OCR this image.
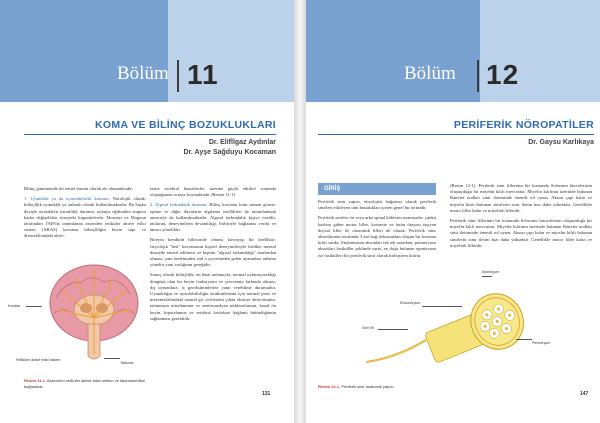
Bölüm 11
KOMA VE BİLİNÇ BOZUKLUKLARI
Dr. Elifİlgaz Aydınlar
Dr. Ayşe Sağduyu Kocaman

Bilinç günümüzde iki temel durum olarak ele alınmaktadır;

1. Uyanıklık ya da uyarılabilirlik durumu: Nörolojik olarak, bilinçlilik uyanıklık ya anlamlı olarak kullanılmaktadır. Bu başka deyişle uyanıkken yaratılılık durumu, uykuya eğilimden stupora kadar değişebilen süreçteki kapasitelerdir. Moruzzi ve Magoun tarafından 1949'da tanımlanan assenden retiküler aktive edici sistem (ARAS) kavramı bilinçliliğin beyin sapı ve diensefalondaki aktiv-

Korteks
Retiküler aktive edici sistem
Talamus
Resim 11-1. Assenden retiküler aktive edici sistem ve talamokortikal bağlantılar.

tasite serebral hemisferler üzerine güçlü etkileri sonunda oluştuğunun ortaya koymaktadır (Resim 11-1).

2. Algısal farkındalık durumu: Bilinç kavramı kimi zaman görme, işitme ve diğer duyuların algılama özellikleri ile tanımlanmak amacıyla da kullanılmaktadır. Algısal farkındalık kişiye özeldir, anılarını, deneyimlerin devamlılığı, birbiriyle bağlantısı verdir ve amacı yöneliktir.

Bireyin kendinin bilincinde olması kavrayışı bir özelliktir; fizyolojik "ben" kavramının kişisel deneyimleriyle birlikte mental düzeyde temsil edilmesi ve kişinin "algısal farkındalığı" tarafından olması, yani bedeninden yad a çevresinden gelen uyaranları anlama yöneltir yani varlığının gereğidir.

Sonuç olarak bilinçlilik, en basit anlamıyla, normal uykusuyarıklığı döngüsü olan bir beyin fonksiyonu ve çevresinin farkında olması, dış uyaranlara, iç gereksinimlerine yanıt verebilme durumudur. Uyanıklığın ve uyarılabilirliğin strüktürlerinin için normal pons ve mezensefalondaki santral gri cevherden çıkan ekstrier aktivitesinin, talamusun intralaminar ve sentromedyan nükleuslarının, bazal ön beyin, hipotalamus ve serebral kortekste bağlantı bütünlüğünün sağlanması gereklidir.

131
Bölüm 12
PERİFERİK NÖROPATİLER
Dr. Gaysu Karlıkaya
GİRİŞ

Periferik sinir yapısı, etiyolojisi bağımsız olarak periferik sinirleri etkileyen tüm hastalıkları içeren genel bir terimdir.

Periferik sinirler ön veya arka spinal köklerin uzantısıdır; çünkü kaslara giden motor lifler, korneste ve önün duyusu taşıyan duysal lifler ile otonomik lifleri de olarak. Periferik sinir aksonlarının etrafında 3 kat bağ dokusundan oluşan bir koruma kılıfı vardır. Endonörium aksonları tek tek sararken, perinöryum aksonları fasiküller şeklinde sarar, en dışta bulunan epinöryum ise fasikülleri bir periferik sinir olarak birleştiren kılıftır.

(Resim 12-1). Periferik sinir liflerinin bir kısmında Schwann hücrelerinin oluşturduğu bir miyelin kılıfı mevcuttur. Miyelin kılıfının üzerinde bulunan Ranvier nodları sinir iletiminde önemli rol oynar. Akson çapı kalın ve miyelin kılıfı bulunan sinirlerin sinir iletim hızı daha yüksektir. Genellikle motor lifler kalın ve miyelinli liflerdir.

Periferik sinir liflerinin bir kısmında Schwann hücrelerinin oluşturduğu bir miyelin kılıfı mevcuttur. Miyelin kılıfının üzerinde bulunan Ranvier nodları sinir iletiminde önemli rol oynar. Akson çapı kalın ve miyelin kılıfı bulunan sinirlerin sinir iletim hızı daha yüksektir. Genellikle motor lifler kalın ve miyelinli liflerdir.

Epinöryum
Endonöryum
Sinir lifi
Perinöryum
Resim 12-1. Periferik sinir anatomik yapısı.
147
